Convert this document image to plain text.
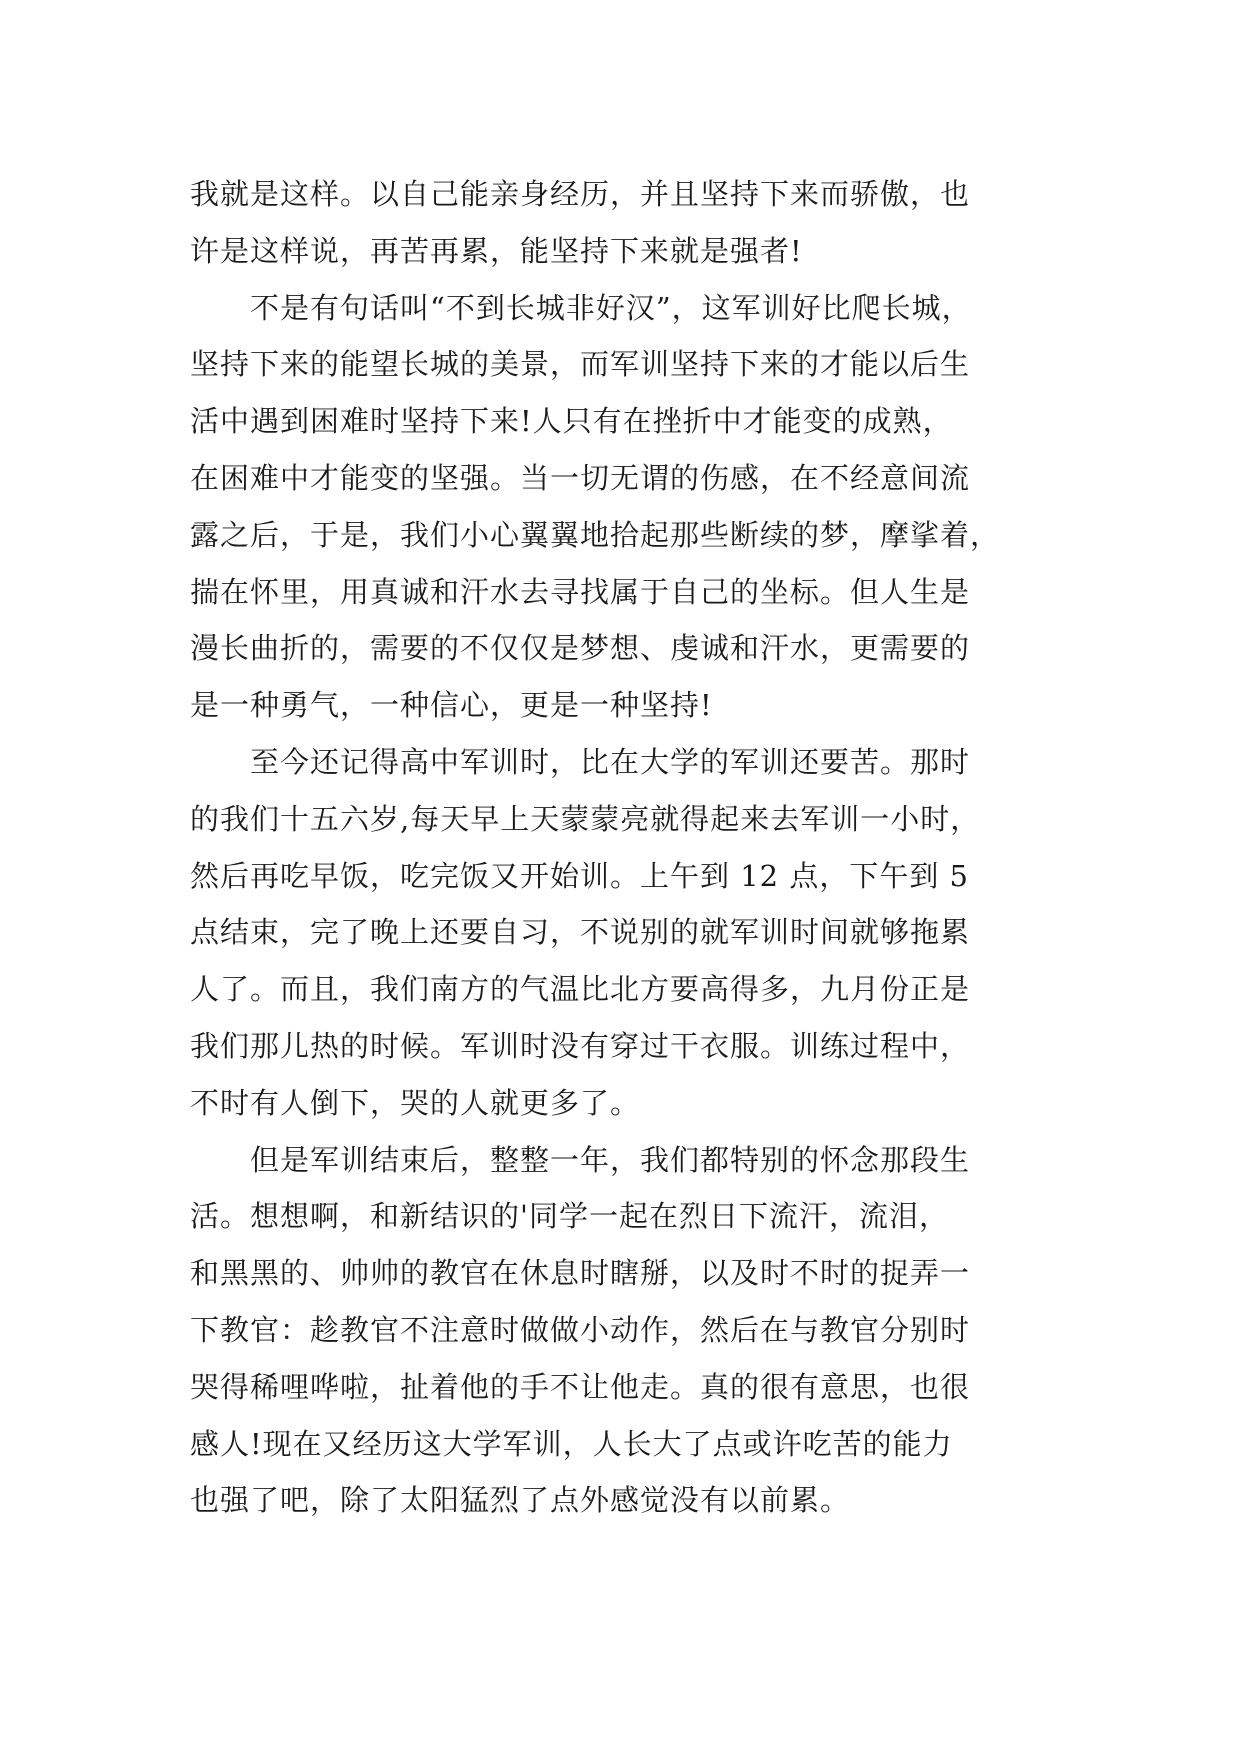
我就是这样。以自己能亲身经历，并且坚持下来而骄傲，也
许是这样说，再苦再累，能坚持下来就是强者!

　　不是有句话叫“不到长城非好汉”，这军训好比爬长城，
坚持下来的能望长城的美景，而军训坚持下来的才能以后生
活中遇到困难时坚持下来!人只有在挫折中才能变的成熟，
在困难中才能变的坚强。当一切无谓的伤感，在不经意间流
露之后，于是，我们小心翼翼地拾起那些断续的梦，摩挲着，
揣在怀里，用真诚和汗水去寻找属于自己的坐标。但人生是
漫长曲折的，需要的不仅仅是梦想、虔诚和汗水，更需要的
是一种勇气，一种信心，更是一种坚持!

　　至今还记得高中军训时，比在大学的军训还要苦。那时
的我们十五六岁,每天早上天蒙蒙亮就得起来去军训一小时，
然后再吃早饭，吃完饭又开始训。上午到 12 点，下午到 5
点结束，完了晚上还要自习，不说别的就军训时间就够拖累
人了。而且，我们南方的气温比北方要高得多，九月份正是
我们那儿热的时候。军训时没有穿过干衣服。训练过程中，
不时有人倒下，哭的人就更多了。

　　但是军训结束后，整整一年，我们都特别的怀念那段生
活。想想啊，和新结识的'同学一起在烈日下流汗，流泪，
和黑黑的、帅帅的教官在休息时瞎掰，以及时不时的捉弄一
下教官：趁教官不注意时做做小动作，然后在与教官分别时
哭得稀哩哗啦，扯着他的手不让他走。真的很有意思，也很
感人!现在又经历这大学军训，人长大了点或许吃苦的能力
也强了吧，除了太阳猛烈了点外感觉没有以前累。
